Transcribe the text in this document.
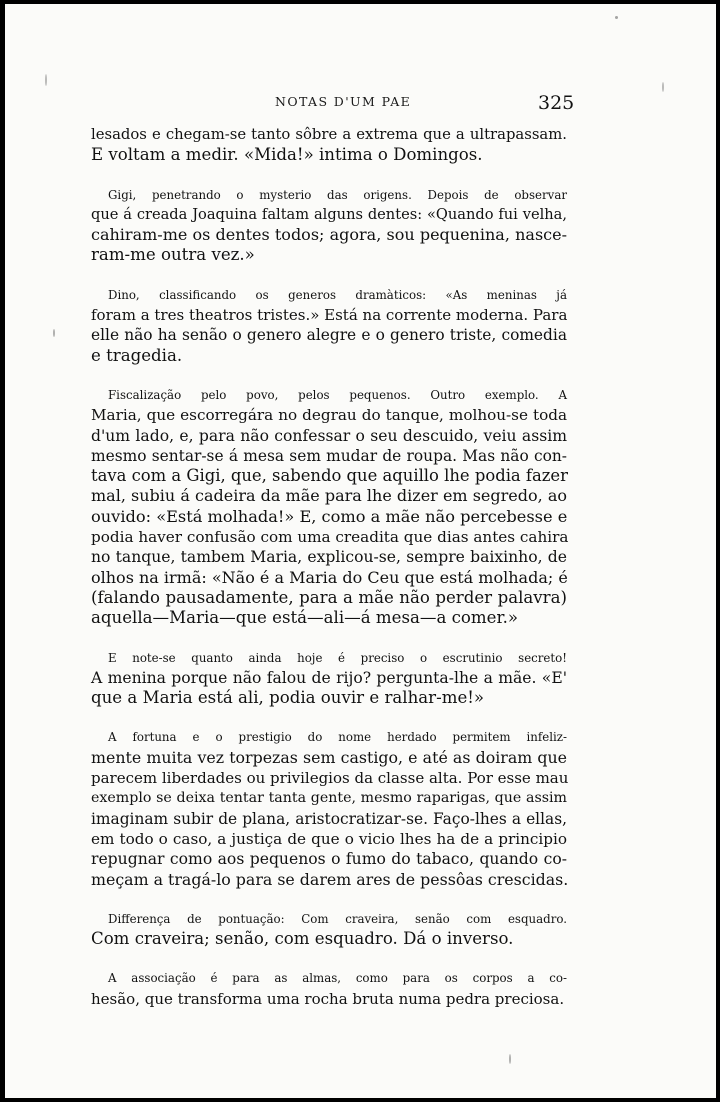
NOTAS D'UM PAE	325
lesados e chegam-se tanto sôbre a extrema que a ultrapassam.
E voltam a medir. «Mida!» intima o Domingos.
Gigi, penetrando o mysterio das origens. Depois de observar
que á creada Joaquina faltam alguns dentes: «Quando fui velha,
cahiram-me os dentes todos; agora, sou pequenina, nasce-
ram-me outra vez.»
Dino, classificando os generos dramàticos: «As meninas já
foram a tres theatros tristes.» Está na corrente moderna. Para
elle não ha senão o genero alegre e o genero triste, comedia
e tragedia.
Fiscalização pelo povo, pelos pequenos. Outro exemplo. A
Maria, que escorregára no degrau do tanque, molhou-se toda
d'um lado, e, para não confessar o seu descuido, veiu assim
mesmo sentar-se á mesa sem mudar de roupa. Mas não con-
tava com a Gigi, que, sabendo que aquillo lhe podia fazer
mal, subiu á cadeira da mãe para lhe dizer em segredo, ao
ouvido: «Está molhada!» E, como a mãe não percebesse e
podia haver confusão com uma creadita que dias antes cahira
no tanque, tambem Maria, explicou-se, sempre baixinho, de
olhos na irmã: «Não é a Maria do Ceu que está molhada; é
(falando pausadamente, para a mãe não perder palavra)
aquella—Maria—que está—ali—á mesa—a comer.»
E note-se quanto ainda hoje é preciso o escrutinio secreto!
A menina porque não falou de rijo? pergunta-lhe a mãe. «E'
que a Maria está ali, podia ouvir e ralhar-me!»
A fortuna e o prestigio do nome herdado permitem infeliz-
mente muita vez torpezas sem castigo, e até as doiram que
parecem liberdades ou privilegios da classe alta. Por esse mau
exemplo se deixa tentar tanta gente, mesmo raparigas, que assim
imaginam subir de plana, aristocratizar-se. Faço-lhes a ellas,
em todo o caso, a justiça de que o vicio lhes ha de a principio
repugnar como aos pequenos o fumo do tabaco, quando co-
meçam a tragá-lo para se darem ares de pessôas crescidas.
Differença de pontuação: Com craveira, senão com esquadro.
Com craveira; senão, com esquadro. Dá o inverso.
A associação é para as almas, como para os corpos a co-
hesão, que transforma uma rocha bruta numa pedra preciosa.
